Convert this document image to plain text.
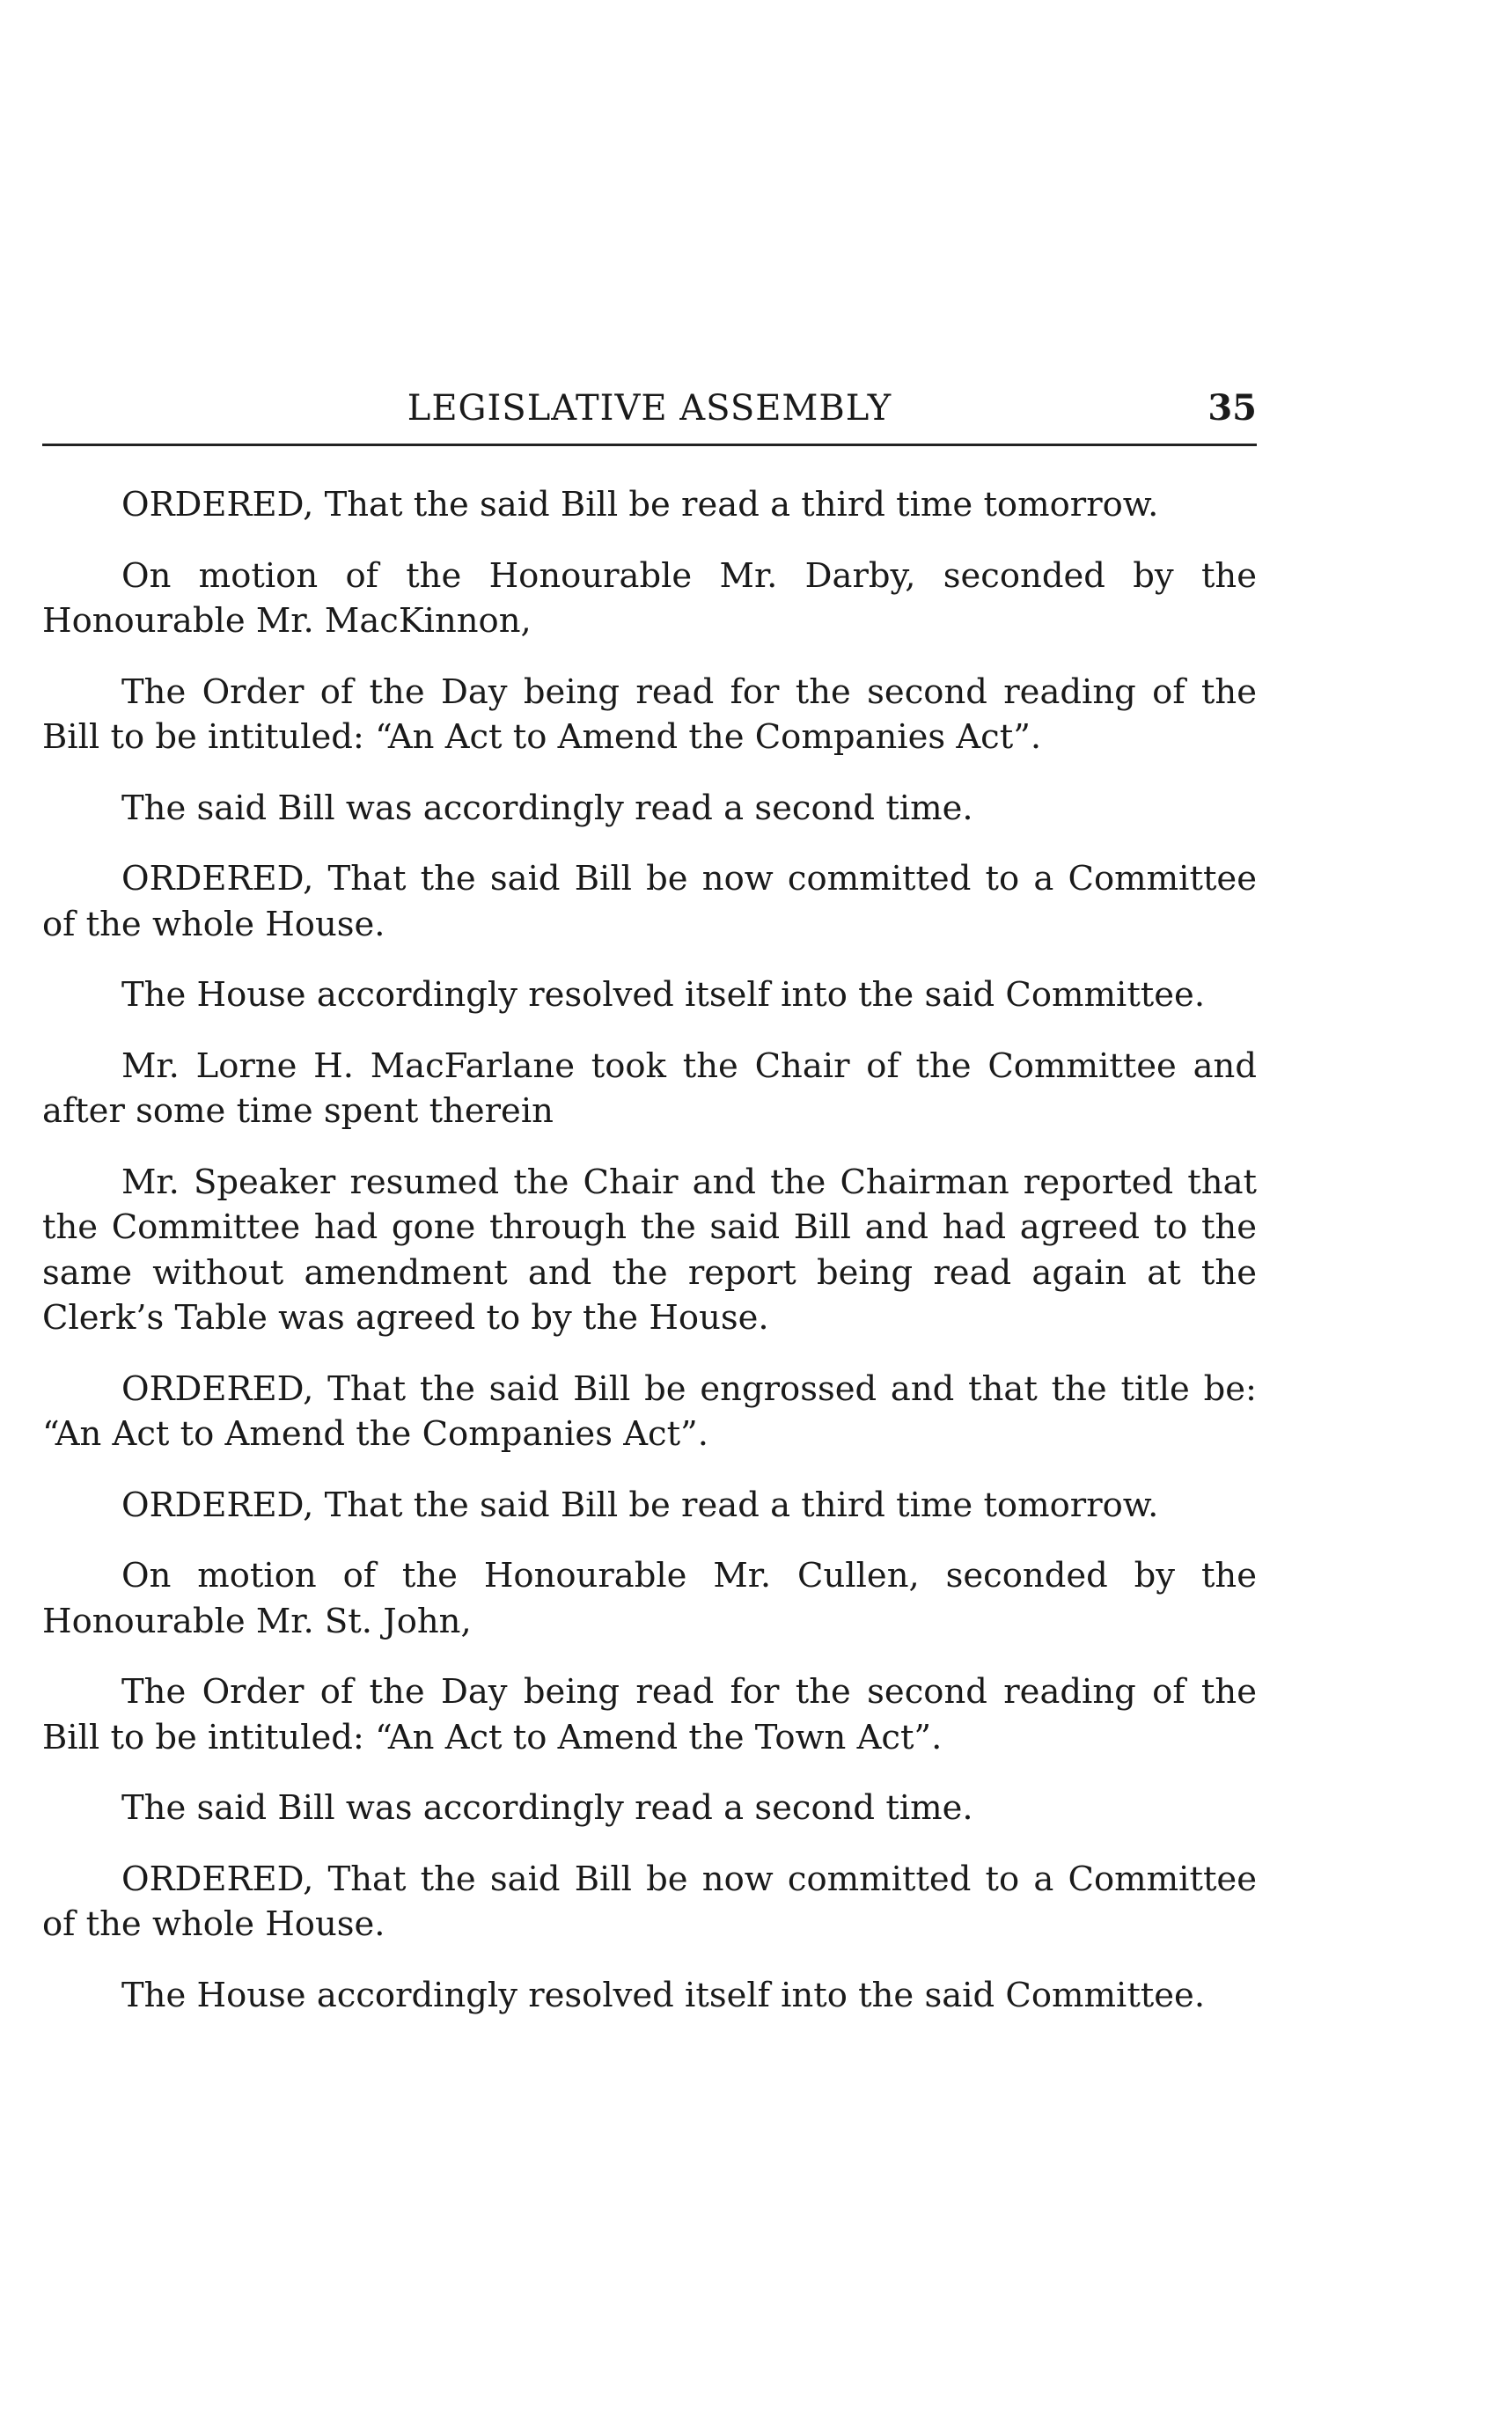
LEGISLATIVE ASSEMBLY	35

ORDERED, That the said Bill be read a third time tomorrow.

On motion of the Honourable Mr. Darby, seconded by the Honourable Mr. MacKinnon,

The Order of the Day being read for the second reading of the Bill to be intituled: “An Act to Amend the Companies Act”.

The said Bill was accordingly read a second time.

ORDERED, That the said Bill be now committed to a Committee of the whole House.

The House accordingly resolved itself into the said Committee.

Mr. Lorne H. MacFarlane took the Chair of the Committee and after some time spent therein

Mr. Speaker resumed the Chair and the Chairman reported that the Committee had gone through the said Bill and had agreed to the same without amendment and the report being read again at the Clerk’s Table was agreed to by the House.

ORDERED, That the said Bill be engrossed and that the title be: “An Act to Amend the Companies Act”.

ORDERED, That the said Bill be read a third time tomorrow.

On motion of the Honourable Mr. Cullen, seconded by the Honourable Mr. St. John,

The Order of the Day being read for the second reading of the Bill to be intituled: “An Act to Amend the Town Act”.

The said Bill was accordingly read a second time.

ORDERED, That the said Bill be now committed to a Committee of the whole House.

The House accordingly resolved itself into the said Committee.
